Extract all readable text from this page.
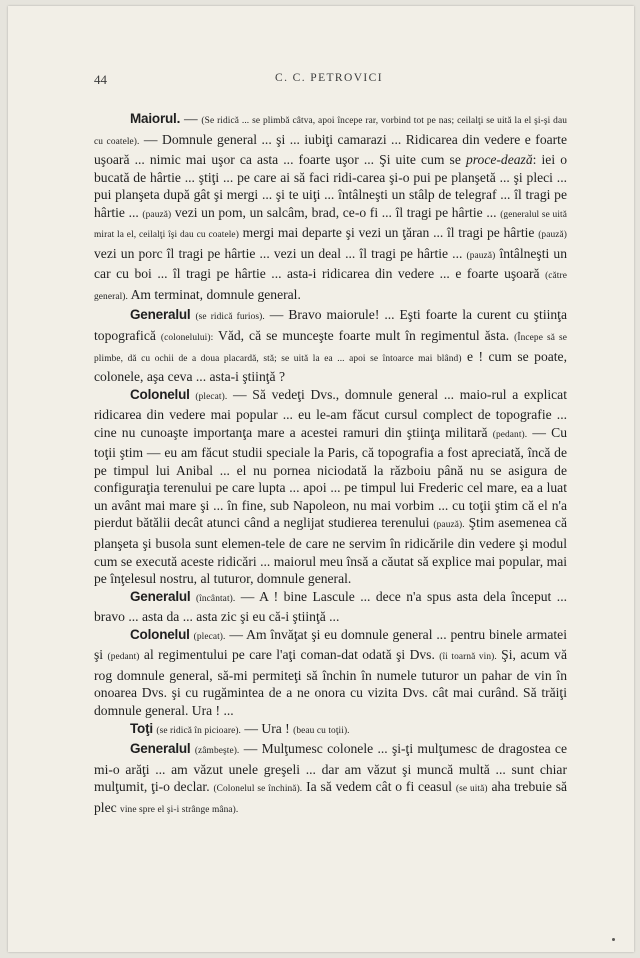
44	C. C. PETROVICI

Maiorul. — (Se ridică ... se plimbă câtva, apoi începe rar, vorbind tot pe nas; ceilalţi se uită la el şi-şi dau cu coatele). — Domnule general ... şi ... iubiţi camarazi ... Ridicarea din vedere e foarte uşoară ... nimic mai uşor ca asta ... foarte uşor ... Şi uite cum se proce-dează: iei o bucată de hârtie ... ştiţi ... pe care ai să faci ridi-carea şi-o pui pe planşetă ... şi pleci ... pui planşeta după gât şi mergi ... şi te uiţi ... întâlneşti un stâlp de telegraf ... îl tragi pe hârtie ... (pauză) vezi un pom, un salcâm, brad, ce-o fi ... îl tragi pe hârtie ... (generalul se uită mirat la el, ceilalţi îşi dau cu coatele) mergi mai departe şi vezi un ţăran ... îl tragi pe hârtie (pauză) vezi un porc îl tragi pe hârtie ... vezi un deal ... îl tragi pe hârtie ... (pauză) întâlneşti un car cu boi ... îl tragi pe hârtie ... asta-i ridicarea din vedere ... e foarte uşoară (către general). Am terminat, domnule general.

Generalul (se ridică furios). — Bravo maiorule! ... Eşti foarte la curent cu ştiinţa topografică (colonelului): Văd, că se munceşte foarte mult în regimentul ăsta. (Începe să se plimbe, dă cu ochii de a doua placardă, stă; se uită la ea ... apoi se întoarce mai blând) e ! cum se poate, colonele, aşa ceva ... asta-i ştiinţă ?

Colonelul (plecat). — Să vedeţi Dvs., domnule general ... maio-rul a explicat ridicarea din vedere mai popular ... eu le-am făcut cursul complect de topografie ... cine nu cunoaşte importanţa mare a acestei ramuri din ştiinţa militară (pedant). — Cu toţii ştim — eu am făcut studii speciale la Paris, că topografia a fost apreciată, încă de pe timpul lui Anibal ... el nu pornea niciodată la războiu până nu se asigura de configuraţia terenului pe care lupta ... apoi ... pe timpul lui Frederic cel mare, ea a luat un avânt mai mare şi ... în fine, sub Napoleon, nu mai vorbim ... cu toţii ştim că el n'a pierdut bătălii decât atunci când a neglijat studierea terenului (pauză). Ştim asemenea că planşeta şi busola sunt elemen-tele de care ne servim în ridicările din vedere şi modul cum se execută aceste ridicări ... maiorul meu însă a căutat să explice mai popular, mai pe înţelesul nostru, al tuturor, domnule general.

Generalul (încântat). — A ! bine Lascule ... dece n'a spus asta dela început ... bravo ... asta da ... asta zic şi eu că-i ştiinţă ...

Colonelul (plecat). — Am învăţat şi eu domnule general ... pentru binele armatei şi (pedant) al regimentului pe care l'aţi coman-dat odată şi Dvs. (îi toarnă vin). Şi, acum vă rog domnule general, să-mi permiteţi să închin în numele tuturor un pahar de vin în onoarea Dvs. şi cu rugămintea de a ne onora cu vizita Dvs. cât mai curând. Să trăiţi domnule general. Ura ! ...

Toţi (se ridică în picioare). — Ura ! (beau cu toţii).

Generalul (zâmbeşte). — Mulţumesc colonele ... şi-ţi mulţumesc de dragostea ce mi-o arăţi ... am văzut unele greşeli ... dar am văzut şi muncă multă ... sunt chiar mulţumit, ţi-o declar. (Colonelul se închină). Ia să vedem cât o fi ceasul (se uită) aha trebuie să plec vine spre el şi-i strânge mâna).
